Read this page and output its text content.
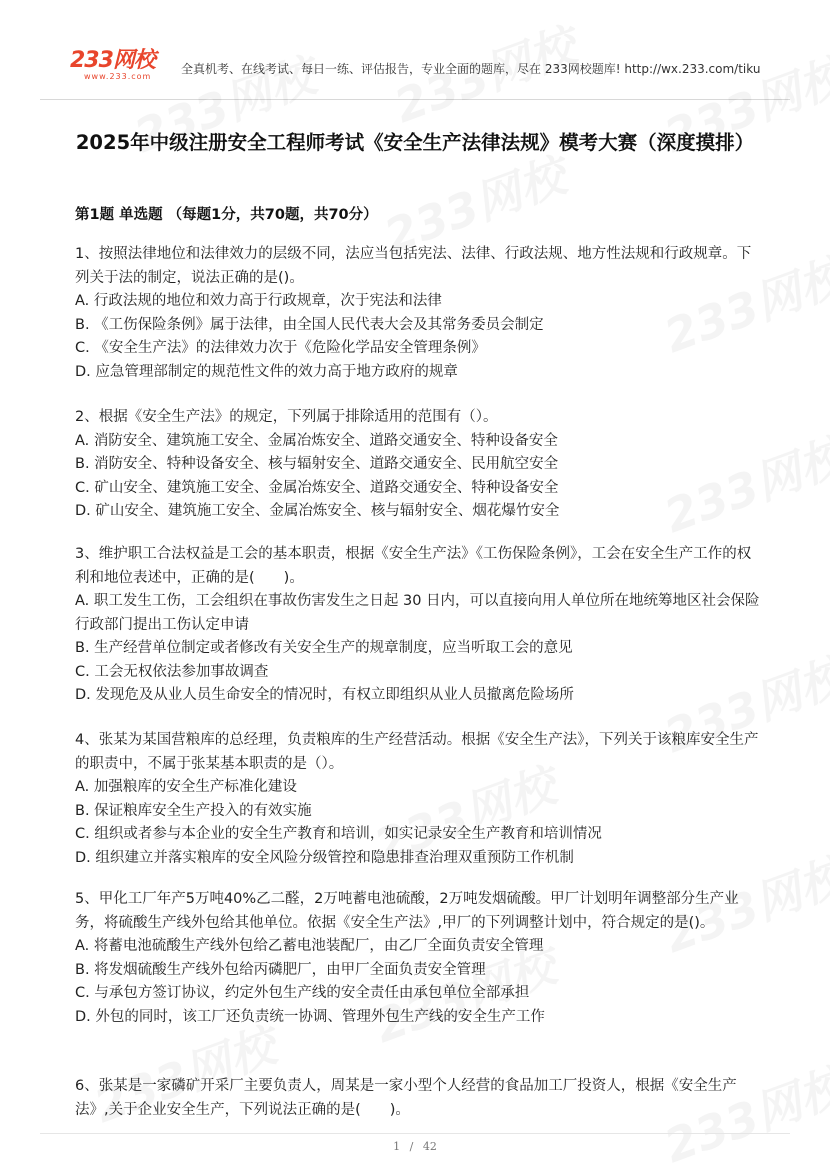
233网校
www.233.com
全真机考、在线考试、每日一练、评估报告，专业全面的题库，尽在 233网校题库! http://wx.233.com/tiku
2025年中级注册安全工程师考试《安全生产法律法规》模考大赛（深度摸排）
第1题 单选题 （每题1分，共70题，共70分）
1、按照法律地位和法律效力的层级不同，法应当包括宪法、法律、行政法规、地方性法规和行政规章。下列关于法的制定，说法正确的是()。
A. 行政法规的地位和效力高于行政规章，次于宪法和法律
B. 《工伤保险条例》属于法律，由全国人民代表大会及其常务委员会制定
C. 《安全生产法》的法律效力次于《危险化学品安全管理条例》
D. 应急管理部制定的规范性文件的效力高于地方政府的规章
2、根据《安全生产法》的规定，下列属于排除适用的范围有（）。
A. 消防安全、建筑施工安全、金属冶炼安全、道路交通安全、特种设备安全
B. 消防安全、特种设备安全、核与辐射安全、道路交通安全、民用航空安全
C. 矿山安全、建筑施工安全、金属冶炼安全、道路交通安全、特种设备安全
D. 矿山安全、建筑施工安全、金属冶炼安全、核与辐射安全、烟花爆竹安全
3、维护职工合法权益是工会的基本职责，根据《安全生产法》《工伤保险条例》，工会在安全生产工作的权利和地位表述中，正确的是(　　)。
A. 职工发生工伤，工会组织在事故伤害发生之日起 30 日内，可以直接向用人单位所在地统筹地区社会保险行政部门提出工伤认定申请
B. 生产经营单位制定或者修改有关安全生产的规章制度，应当听取工会的意见
C. 工会无权依法参加事故调查
D. 发现危及从业人员生命安全的情况时，有权立即组织从业人员撤离危险场所
4、张某为某国营粮库的总经理，负责粮库的生产经营活动。根据《安全生产法》，下列关于该粮库安全生产的职责中，不属于张某基本职责的是（）。
A. 加强粮库的安全生产标准化建设
B. 保证粮库安全生产投入的有效实施
C. 组织或者参与本企业的安全生产教育和培训，如实记录安全生产教育和培训情况
D. 组织建立并落实粮库的安全风险分级管控和隐患排查治理双重预防工作机制
5、甲化工厂年产5万吨40%乙二醛，2万吨蓄电池硫酸，2万吨发烟硫酸。甲厂计划明年调整部分生产业务，将硫酸生产线外包给其他单位。依据《安全生产法》,甲厂的下列调整计划中，符合规定的是()。
A. 将蓄电池硫酸生产线外包给乙蓄电池装配厂，由乙厂全面负责安全管理
B. 将发烟硫酸生产线外包给丙磷肥厂，由甲厂全面负责安全管理
C. 与承包方签订协议，约定外包生产线的安全责任由承包单位全部承担
D. 外包的同时，该工厂还负责统一协调、管理外包生产线的安全生产工作
6、张某是一家磷矿开采厂主要负责人，周某是一家小型个人经营的食品加工厂投资人，根据《安全生产法》,关于企业安全生产，下列说法正确的是(　　)。
1 / 42
